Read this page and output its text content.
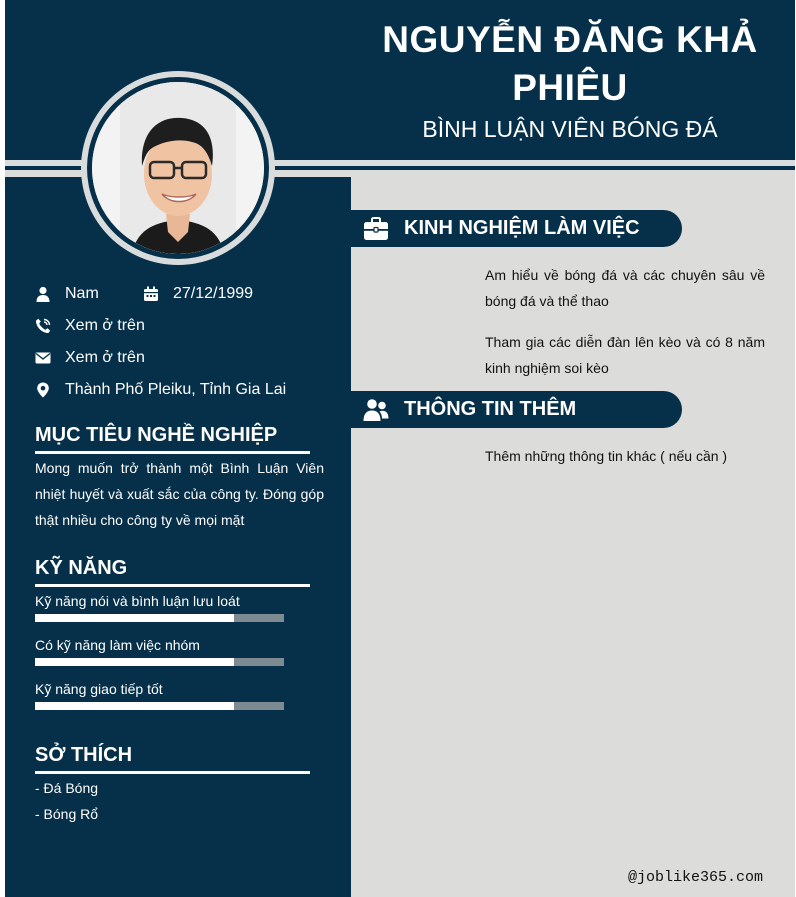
NGUYỄN ĐĂNG KHẢ PHIÊU
BÌNH LUẬN VIÊN BÓNG ĐÁ
Nam	27/12/1999
Xem ở trên
Xem ở trên
Thành Phố Pleiku, Tỉnh Gia Lai
MỤC TIÊU NGHỀ NGHIỆP
Mong muốn trở thành một Bình Luận Viên nhiệt huyết và xuất sắc của công ty. Đóng góp thật nhiều cho công ty về mọi mặt
KỸ NĂNG
Kỹ năng nói và bình luận lưu loát
Có kỹ năng làm việc nhóm
Kỹ năng giao tiếp tốt
SỞ THÍCH
- Đá Bóng
- Bóng Rổ
KINH NGHIỆM LÀM VIỆC
Am hiểu về bóng đá và các chuyên sâu về bóng đá và thể thao
Tham gia các diễn đàn lên kèo và có 8 năm kinh nghiệm soi kèo
THÔNG TIN THÊM
Thêm những thông tin khác ( nếu cần )
@joblike365.com
